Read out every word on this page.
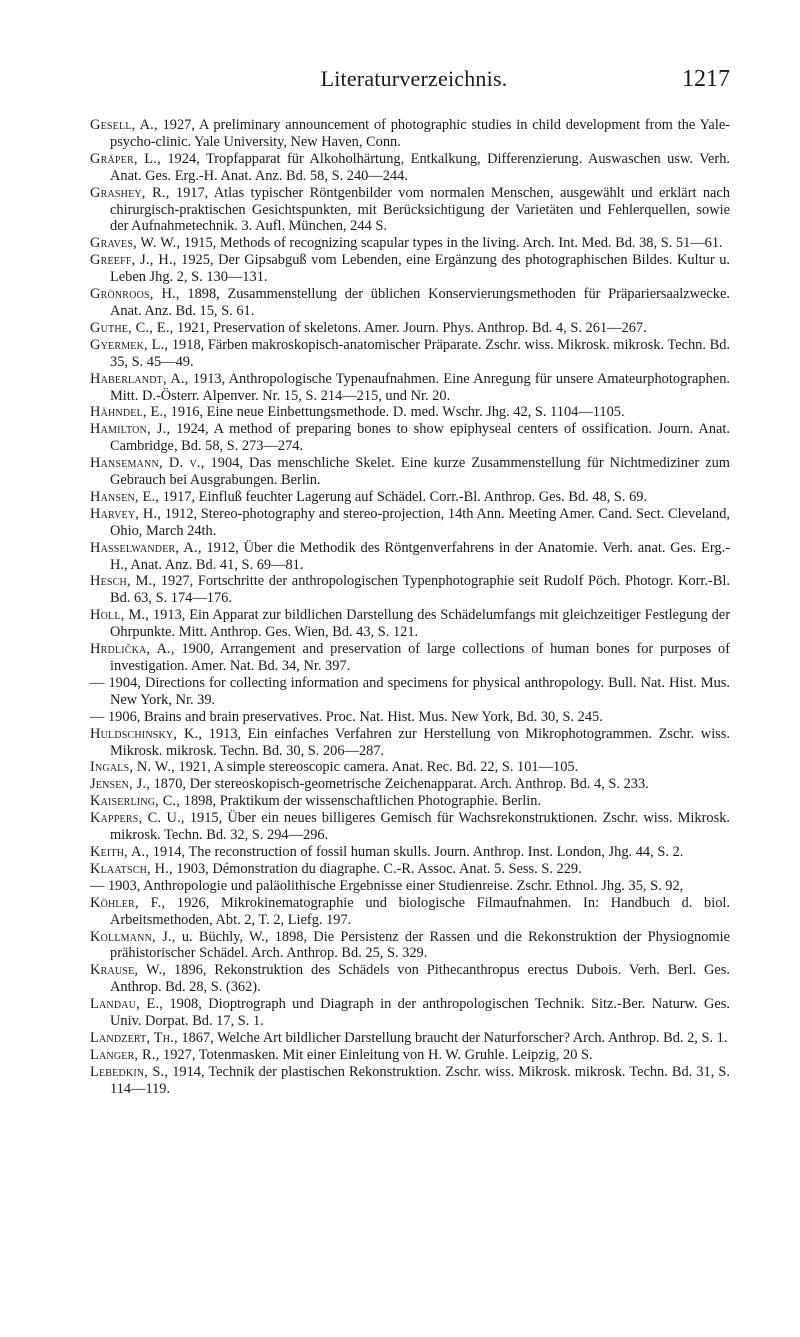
Literaturverzeichnis.	1217

Gesell, A., 1927, A preliminary announcement of photographic studies in child development from the Yale-psycho-clinic. Yale University, New Haven, Conn.

Gräper, L., 1924, Tropfapparat für Alkoholhärtung, Entkalkung, Differenzierung. Auswaschen usw. Verh. Anat. Ges. Erg.-H. Anat. Anz. Bd. 58, S. 240—244.

Grashey, R., 1917, Atlas typischer Röntgenbilder vom normalen Menschen, ausgewählt und erklärt nach chirurgisch-praktischen Gesichtspunkten, mit Berücksichtigung der Varietäten und Fehlerquellen, sowie der Aufnahmetechnik. 3. Aufl. München, 244 S.

Graves, W. W., 1915, Methods of recognizing scapular types in the living. Arch. Int. Med. Bd. 38, S. 51—61.

Greeff, J., H., 1925, Der Gipsabguß vom Lebenden, eine Ergänzung des photographischen Bildes. Kultur u. Leben Jhg. 2, S. 130—131.

Grönroos, H., 1898, Zusammenstellung der üblichen Konservierungsmethoden für Präpariersaalzwecke. Anat. Anz. Bd. 15, S. 61.

Guthe, C., E., 1921, Preservation of skeletons. Amer. Journ. Phys. Anthrop. Bd. 4, S. 261—267.

Gyermek, L., 1918, Färben makroskopisch-anatomischer Präparate. Zschr. wiss. Mikrosk. mikrosk. Techn. Bd. 35, S. 45—49.

Haberlandt, A., 1913, Anthropologische Typenaufnahmen. Eine Anregung für unsere Amateurphotographen. Mitt. D.-Österr. Alpenver. Nr. 15, S. 214—215, und Nr. 20.

Hähndel, E., 1916, Eine neue Einbettungsmethode. D. med. Wschr. Jhg. 42, S. 1104—1105.

Hamilton, J., 1924, A method of preparing bones to show epiphyseal centers of ossification. Journ. Anat. Cambridge, Bd. 58, S. 273—274.

Hansemann, D. v., 1904, Das menschliche Skelet. Eine kurze Zusammenstellung für Nichtmediziner zum Gebrauch bei Ausgrabungen. Berlin.

Hansen, E., 1917, Einfluß feuchter Lagerung auf Schädel. Corr.-Bl. Anthrop. Ges. Bd. 48, S. 69.

Harvey, H., 1912, Stereo-photography and stereo-projection, 14th Ann. Meeting Amer. Cand. Sect. Cleveland, Ohio, March 24th.

Hasselwander, A., 1912, Über die Methodik des Röntgenverfahrens in der Anatomie. Verh. anat. Ges. Erg.-H., Anat. Anz. Bd. 41, S. 69—81.

Hesch, M., 1927, Fortschritte der anthropologischen Typenphotographie seit Rudolf Pöch. Photogr. Korr.-Bl. Bd. 63, S. 174—176.

Holl, M., 1913, Ein Apparat zur bildlichen Darstellung des Schädelumfangs mit gleichzeitiger Festlegung der Ohrpunkte. Mitt. Anthrop. Ges. Wien, Bd. 43, S. 121.

Hrdlička, A., 1900, Arrangement and preservation of large collections of human bones for purposes of investigation. Amer. Nat. Bd. 34, Nr. 397.

— 1904, Directions for collecting information and specimens for physical anthropology. Bull. Nat. Hist. Mus. New York, Nr. 39.

— 1906, Brains and brain preservatives. Proc. Nat. Hist. Mus. New York, Bd. 30, S. 245.

Huldschinsky, K., 1913, Ein einfaches Verfahren zur Herstellung von Mikrophotogrammen. Zschr. wiss. Mikrosk. mikrosk. Techn. Bd. 30, S. 206—287.

Ingals, N. W., 1921, A simple stereoscopic camera. Anat. Rec. Bd. 22, S. 101—105.

Jensen, J., 1870, Der stereoskopisch-geometrische Zeichenapparat. Arch. Anthrop. Bd. 4, S. 233.

Kaiserling, C., 1898, Praktikum der wissenschaftlichen Photographie. Berlin.

Kappers, C. U., 1915, Über ein neues billigeres Gemisch für Wachsrekonstruktionen. Zschr. wiss. Mikrosk. mikrosk. Techn. Bd. 32, S. 294—296.

Keith, A., 1914, The reconstruction of fossil human skulls. Journ. Anthrop. Inst. London, Jhg. 44, S. 2.

Klaatsch, H., 1903, Démonstration du diagraphe. C.-R. Assoc. Anat. 5. Sess. S. 229.

— 1903, Anthropologie und paläolithische Ergebnisse einer Studienreise. Zschr. Ethnol. Jhg. 35, S. 92,

Köhler, F., 1926, Mikrokinematographie und biologische Filmaufnahmen. In: Handbuch d. biol. Arbeitsmethoden, Abt. 2, T. 2, Liefg. 197.

Kollmann, J., u. Büchly, W., 1898, Die Persistenz der Rassen und die Rekonstruktion der Physiognomie prähistorischer Schädel. Arch. Anthrop. Bd. 25, S. 329.

Krause, W., 1896, Rekonstruktion des Schädels von Pithecanthropus erectus Dubois. Verh. Berl. Ges. Anthrop. Bd. 28, S. (362).

Landau, E., 1908, Dioptrograph und Diagraph in der anthropologischen Technik. Sitz.-Ber. Naturw. Ges. Univ. Dorpat. Bd. 17, S. 1.

Landzert, Th., 1867, Welche Art bildlicher Darstellung braucht der Naturforscher? Arch. Anthrop. Bd. 2, S. 1.

Langer, R., 1927, Totenmasken. Mit einer Einleitung von H. W. Gruhle. Leipzig, 20 S.

Lebedkin, S., 1914, Technik der plastischen Rekonstruktion. Zschr. wiss. Mikrosk. mikrosk. Techn. Bd. 31, S. 114—119.
